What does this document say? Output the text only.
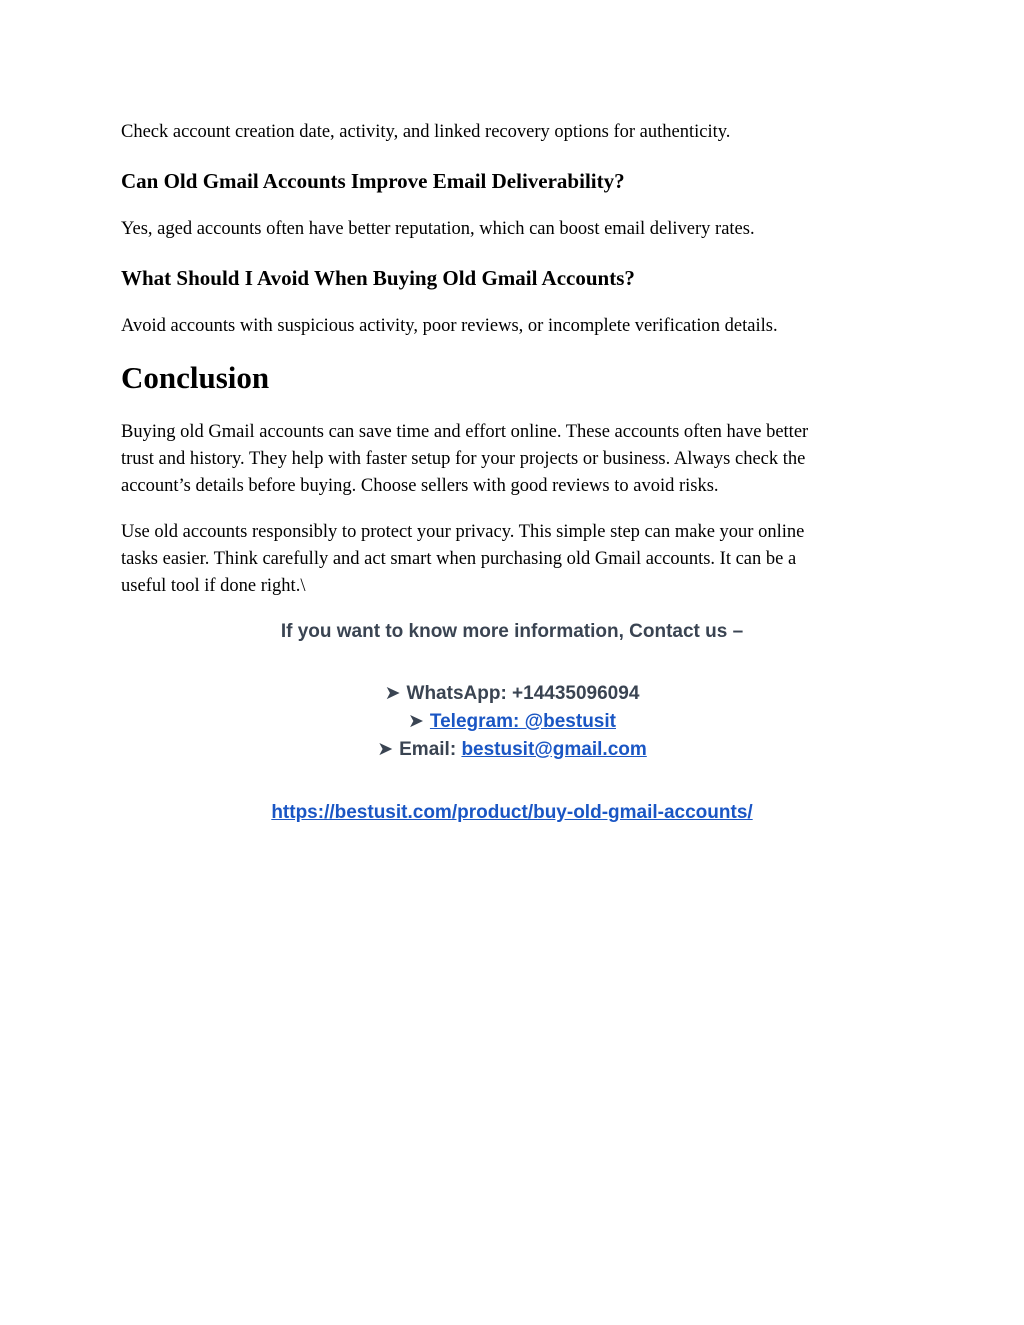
Check account creation date, activity, and linked recovery options for authenticity.

Can Old Gmail Accounts Improve Email Deliverability?

Yes, aged accounts often have better reputation, which can boost email delivery rates.

What Should I Avoid When Buying Old Gmail Accounts?

Avoid accounts with suspicious activity, poor reviews, or incomplete verification details.

Conclusion
Buying old Gmail accounts can save time and effort online. These accounts often have better
trust and history. They help with faster setup for your projects or business. Always check the
account’s details before buying. Choose sellers with good reviews to avoid risks.
Use old accounts responsibly to protect your privacy. This simple step can make your online
tasks easier. Think carefully and act smart when purchasing old Gmail accounts. It can be a
useful tool if done right.\
If you want to know more information, Contact us –
➤ WhatsApp: +14435096094
➤ Telegram: @bestusit
➤ Email: bestusit@gmail.com
https://bestusit.com/product/buy-old-gmail-accounts/
